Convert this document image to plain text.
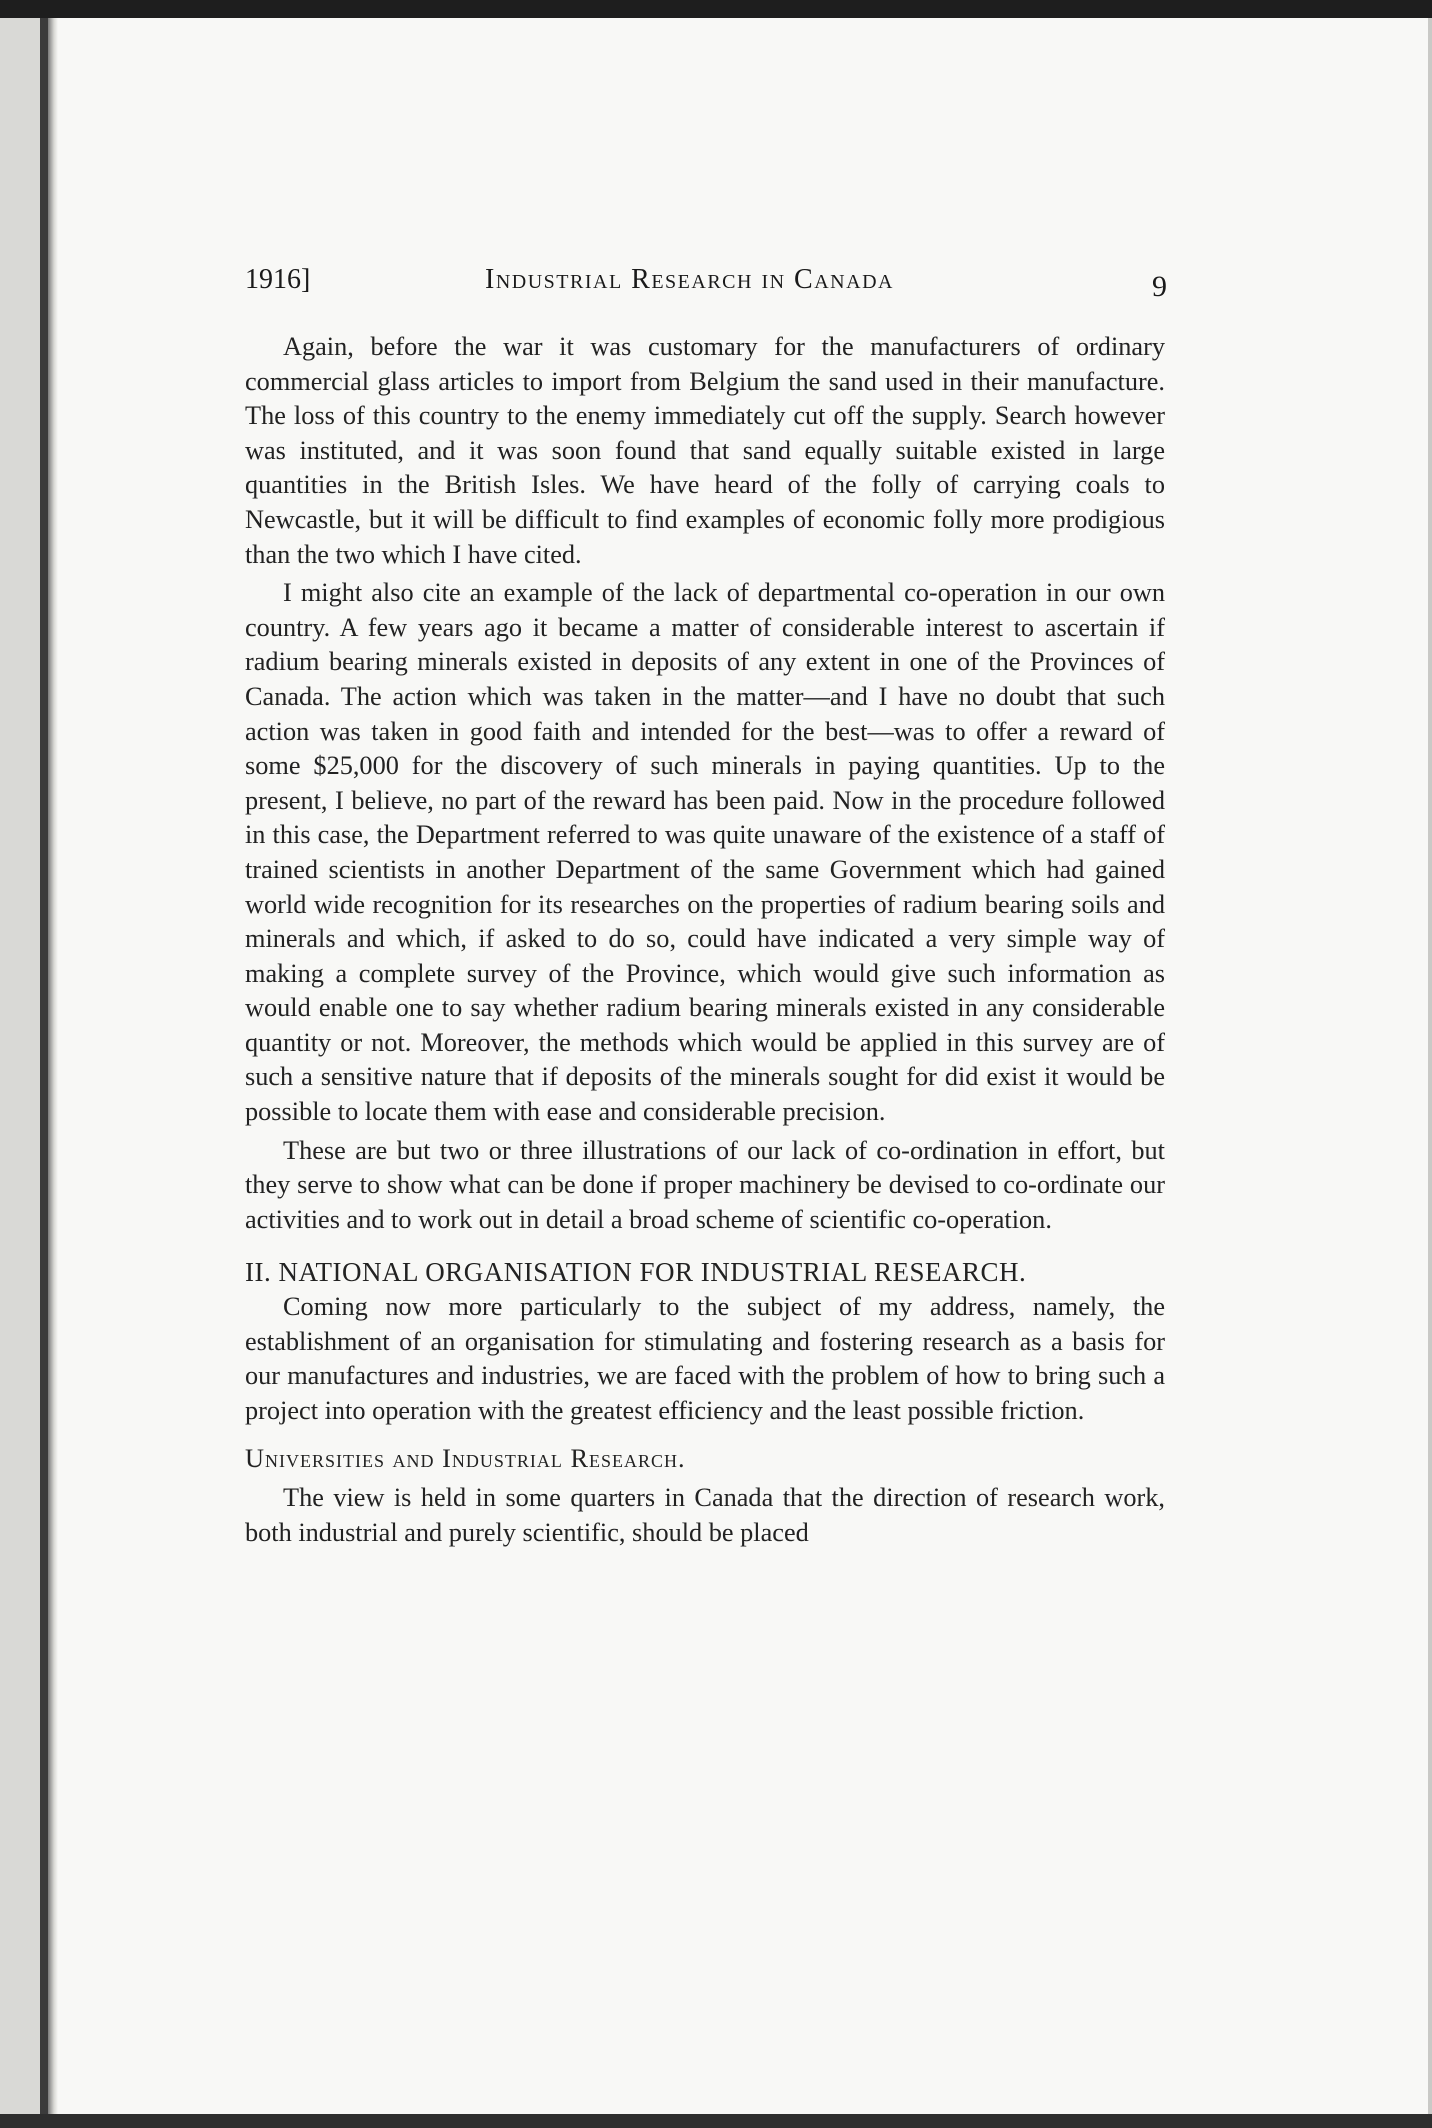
1916]	Industrial Research in Canada	9

Again, before the war it was customary for the manufacturers of ordinary commercial glass articles to import from Belgium the sand used in their manufacture. The loss of this country to the enemy immediately cut off the supply. Search however was instituted, and it was soon found that sand equally suitable existed in large quantities in the British Isles. We have heard of the folly of carrying coals to Newcastle, but it will be difficult to find examples of economic folly more prodigious than the two which I have cited.

I might also cite an example of the lack of departmental co-operation in our own country. A few years ago it became a matter of considerable interest to ascertain if radium bearing minerals existed in deposits of any extent in one of the Provinces of Canada. The action which was taken in the matter—and I have no doubt that such action was taken in good faith and intended for the best—was to offer a reward of some $25,000 for the discovery of such minerals in paying quantities. Up to the present, I believe, no part of the reward has been paid. Now in the procedure followed in this case, the Department referred to was quite unaware of the existence of a staff of trained scientists in another Department of the same Government which had gained world wide recognition for its researches on the properties of radium bearing soils and minerals and which, if asked to do so, could have indicated a very simple way of making a complete survey of the Province, which would give such information as would enable one to say whether radium bearing minerals existed in any considerable quantity or not. Moreover, the methods which would be applied in this survey are of such a sensitive nature that if deposits of the minerals sought for did exist it would be possible to locate them with ease and considerable precision.

These are but two or three illustrations of our lack of co-ordination in effort, but they serve to show what can be done if proper machinery be devised to co-ordinate our activities and to work out in detail a broad scheme of scientific co-operation.

II. NATIONAL ORGANISATION FOR INDUSTRIAL RESEARCH.

Coming now more particularly to the subject of my address, namely, the establishment of an organisation for stimulating and fostering research as a basis for our manufactures and industries, we are faced with the problem of how to bring such a project into operation with the greatest efficiency and the least possible friction.

Universities and Industrial Research.

The view is held in some quarters in Canada that the direction of research work, both industrial and purely scientific, should be placed
